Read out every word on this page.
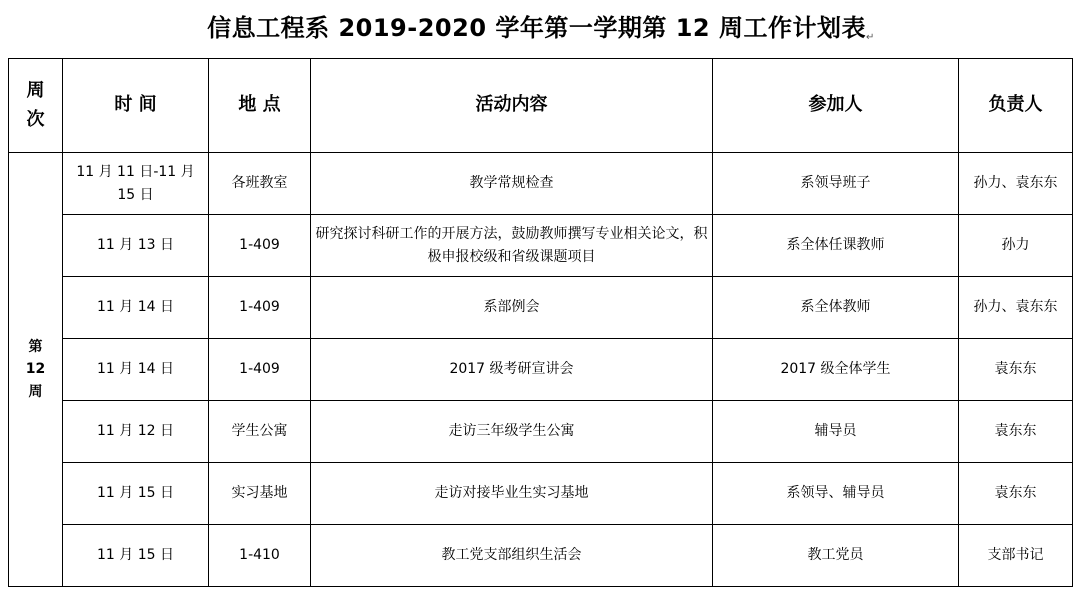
信息工程系 2019-2020 学年第一学期第 12 周工作计划表↵
周
次	时 间	地 点	活动内容	参加人	负责人

第
12
周	11 月 11 日-11 月 15 日	各班教室	教学常规检查	系领导班子	孙力、袁东东
	11 月 13 日	1-409	研究探讨科研工作的开展方法，鼓励教师撰写专业相关论文，积极申报校级和省级课题项目	系全体任课教师	孙力
	11 月 14 日	1-409	系部例会	系全体教师	孙力、袁东东
	11 月 14 日	1-409	2017 级考研宣讲会	2017 级全体学生	袁东东
	11 月 12 日	学生公寓	走访三年级学生公寓	辅导员	袁东东
	11 月 15 日	实习基地	走访对接毕业生实习基地	系领导、辅导员	袁东东
	11 月 15 日	1-410	教工党支部组织生活会	教工党员	支部书记
